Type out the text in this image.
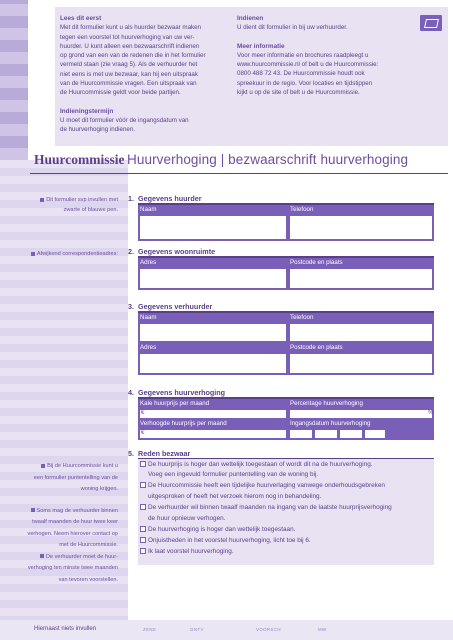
Lees dit eerst

Met dit formulier kunt u als huurder bezwaar maken

tegen een voorstel tot huurverhoging van uw ver-

huurder. U kunt alleen een bezwaarschrift indienen

op grond van een van de redenen die in het formulier

vermeld staan (zie vraag 5). Als de verhuurder het

niet eens is met uw bezwaar, kan hij een uitspraak

van de Huurcommissie vragen. Een uitspraak van

de Huurcommissie geldt voor beide partijen.

Indieningstermijn

U moet dit formulier vóór de ingangsdatum van

de huurverhoging indienen.

Indienen

U dient dit formulier in bij uw verhuurder.

Meer informatie

Voor meer informatie en brochures raadpleegt u

www.huurcommissie.nl of belt u de Huurcommissie:

0800 488 72 43. De Huurcommissie houdt ook

spreekuur in de regio. Voor locaties en tijdstippen

kijkt u op de site of belt u de Huurcommissie.

Huurcommissie Huurverhoging | bezwaarschrift huurverhoging
Dit formulier svp invullen met
zwarte of blauwe pen.
Afwijkend correspondentieadres:
Bij de Huurcommissie kunt u
een formulier puntentelling van de
woning krijgen.
Soms mag de verhuurder binnen
twaalf maanden de huur twee keer
verhogen. Neem hierover contact op
met de Huurcommissie.
De verhuurder moet de huur-
verhoging ten minste twee maanden
van tevoren voorstellen.
1. Gegevens huurder
Naam	Telefoon
2. Gegevens woonruimte
Adres	Postcode en plaats
3. Gegevens verhuurder
Naam	Telefoon
Adres	Postcode en plaats
4. Gegevens huurverhoging
Kale huurprijs per maand	Percentage huurverhoging
€	%
Verhoogde huurprijs per maand	Ingangsdatum huurverhoging
€
5. Reden bezwaar
De huurprijs is hoger dan wettelijk toegestaan of wordt dit na de huurverhoging.
Voeg een ingevuld formulier puntentelling van de woning bij.
De Huurcommissie heeft een tijdelijke huurverlaging vanwege onderhoudsgebreken
uitgesproken of heeft het verzoek hierom nog in behandeling.
De verhuurder wil binnen twaalf maanden na ingang van de laatste huurprijsverhoging
de huur opnieuw verhogen.
De huurverhoging is hoger dan wettelijk toegestaan.
Onjuistheden in het voorstel huurverhoging, licht toe bij 6.
Ik laat voorstel huurverhoging.
Hiernaast niets invullen	ZENE	ONTV	VOORSCH	MW
